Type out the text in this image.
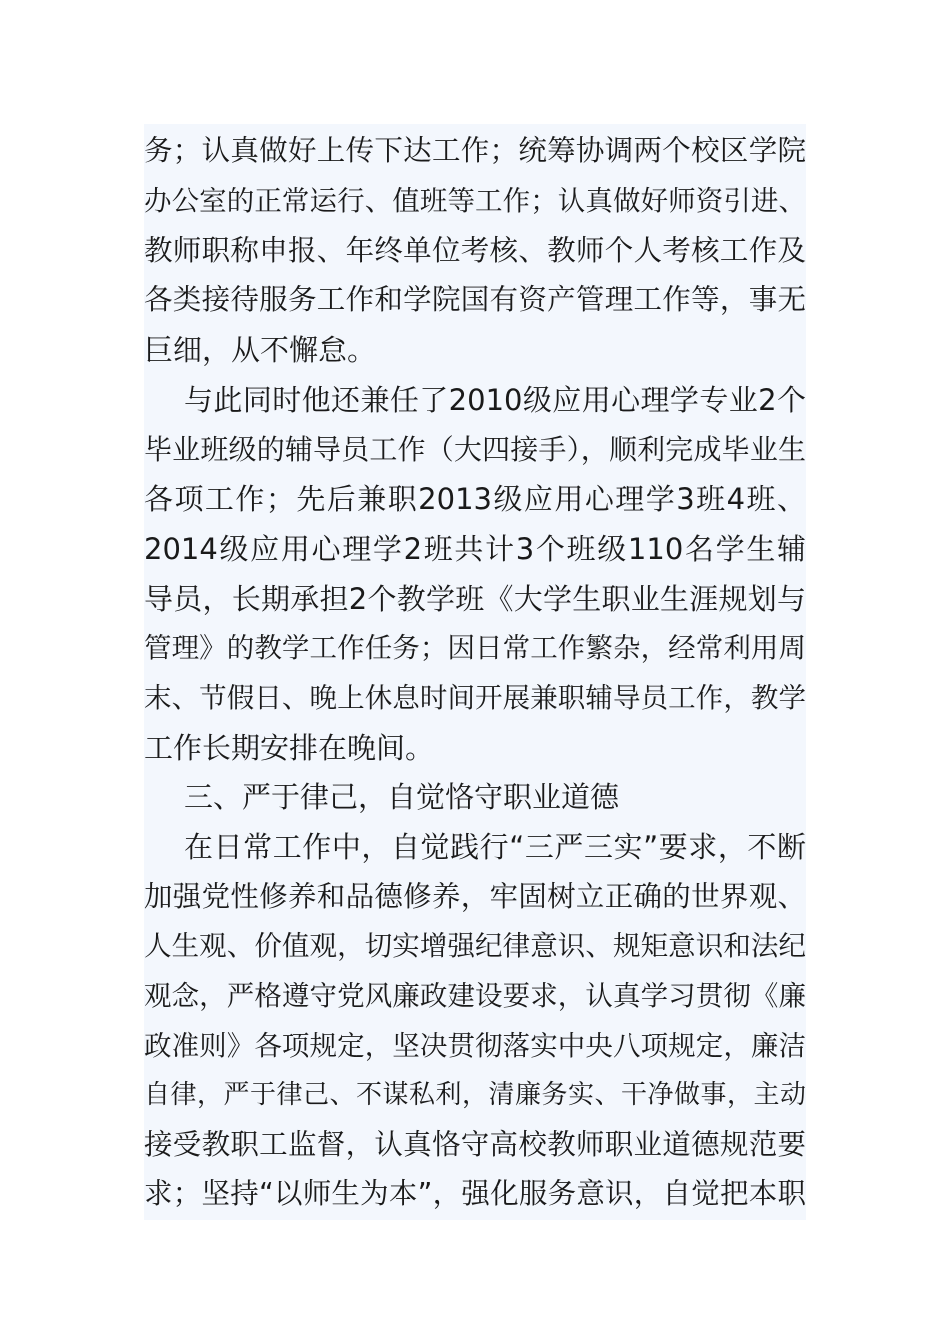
务；认真做好上传下达工作；统筹协调两个校区学院
办公室的正常运行、值班等工作；认真做好师资引进、
教师职称申报、年终单位考核、教师个人考核工作及
各类接待服务工作和学院国有资产管理工作等，事无
巨细，从不懈怠。
与此同时他还兼任了2010级应用心理学专业2个
毕业班级的辅导员工作（大四接手），顺利完成毕业生
各项工作；先后兼职2013级应用心理学3班4班、
2014级应用心理学2班共计3个班级110名学生辅
导员，长期承担2个教学班《大学生职业生涯规划与
管理》的教学工作任务；因日常工作繁杂，经常利用周
末、节假日、晚上休息时间开展兼职辅导员工作，教学
工作长期安排在晚间。
三、严于律己，自觉恪守职业道德
在日常工作中，自觉践行“三严三实”要求，不断
加强党性修养和品德修养，牢固树立正确的世界观、
人生观、价值观，切实增强纪律意识、规矩意识和法纪
观念，严格遵守党风廉政建设要求，认真学习贯彻《廉
政准则》各项规定，坚决贯彻落实中央八项规定，廉洁
自律，严于律己、不谋私利，清廉务实、干净做事，主动
接受教职工监督，认真恪守高校教师职业道德规范要
求；坚持“以师生为本”，强化服务意识，自觉把本职
